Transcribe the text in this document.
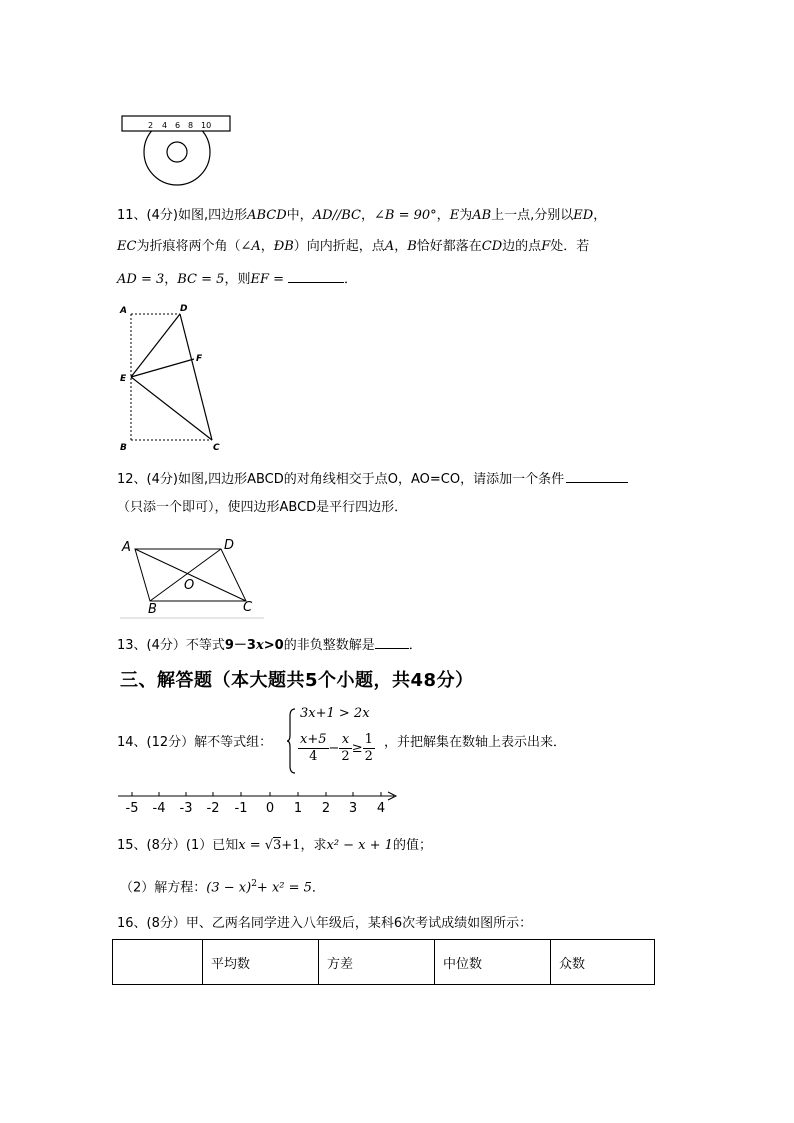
2 4 6 8 10
11、(4分)如图,四边形ABCD中，AD//BC，∠B = 90°，E为AB上一点,分别以ED，
EC为折痕将两个角（∠A，ÐB）向内折起，点A，B恰好都落在CD边的点F处．若
AD = 3，BC = 5，则EF =	．
A	D
F
E
B	C
12、(4分)如图,四边形ABCD的对角线相交于点O，AO=CO，请添加一个条件
（只添一个即可），使四边形ABCD是平行四边形．
A	D
O
B	C
13、(4分）不等式9－3x>0的非负整数解是	．
三、解答题（本大题共5个小题，共48分）
14、(12分）解不等式组：
3x+1 > 2x
$\frac{x+5}{4} - \frac{x}{2} \ge \frac{1}{2}$ ，并把解集在数轴上表示出来．
-5 -4 -3 -2 -1 0 1 2 3 4
15、(8分）(1）已知x = √3+1，求x² − x + 1的值；
（2）解方程：$(3 - x)^2+ x^2 = 5$．
16、(8分）甲、乙两名同学进入八年级后，某科6次考试成绩如图所示：
	平均数	方差	中位数	众数
